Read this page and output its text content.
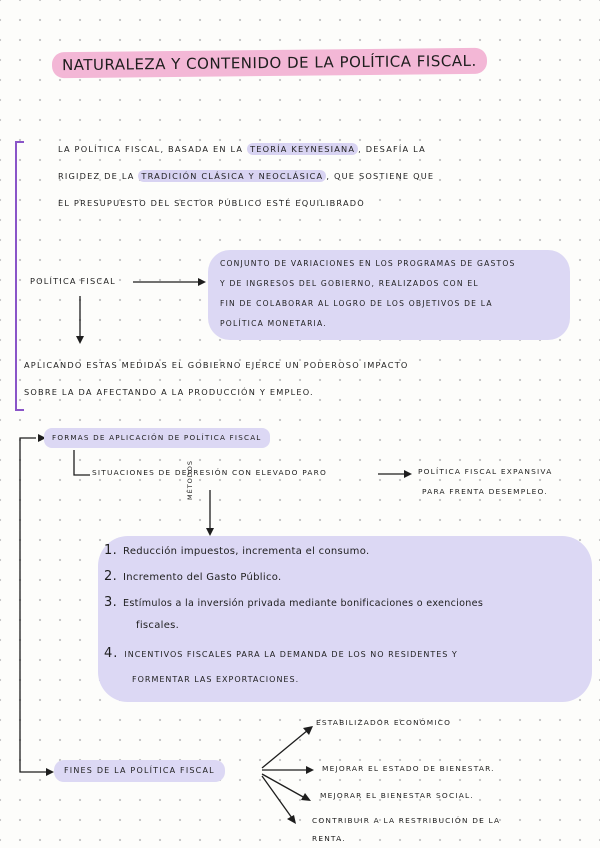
NATURALEZA Y CONTENIDO DE LA POLÍTICA FISCAL.
LA POLÍTICA FISCAL, BASADA EN LA TEORÍA KEYNESIANA , DESAFÍA LA
RIGIDEZ DE LA TRADICIÓN CLÁSICA Y NEOCLÁSICA , QUE SOSTIENE QUE
EL PRESUPUESTO DEL SECTOR PÚBLICO ESTÉ EQUILIBRADO
CONJUNTO DE VARIACIONES EN LOS PROGRAMAS DE GASTOS
Y DE INGRESOS DEL GOBIERNO, REALIZADOS CON EL
FIN DE COLABORAR AL LOGRO DE LOS OBJETIVOS DE LA
POLÍTICA MONETARIA.
POLÍTICA FISCAL
APLICANDO ESTAS MEDIDAS EL GOBIERNO EJERCE UN PODEROSO IMPACTO
SOBRE LA DA AFECTANDO A LA PRODUCCIÓN Y EMPLEO.
FORMAS DE APLICACIÓN DE POLÍTICA FISCAL
SITUACIONES DE DEPRESIÓN CON ELEVADO PARO	POLÍTICA FISCAL EXPANSIVA
PARA FRENTA DESEMPLEO.
MÉTODOS
1. Reducción impuestos, incrementa el consumo.
2. Incremento del Gasto Público.
3. Estímulos a la inversión privada mediante bonificaciones o exenciones
fiscales.
4. INCENTIVOS FISCALES PARA LA DEMANDA DE LOS NO RESIDENTES Y
FORMENTAR LAS EXPORTACIONES.
FINES DE LA POLÍTICA FISCAL
ESTABILIZADOR ECONÓMICO
MEJORAR EL ESTADO DE BIENESTAR.
MEJORAR EL BIENESTAR SOCIAL.
CONTRIBUIR A LA RESTRIBUCIÓN DE LA
RENTA.
